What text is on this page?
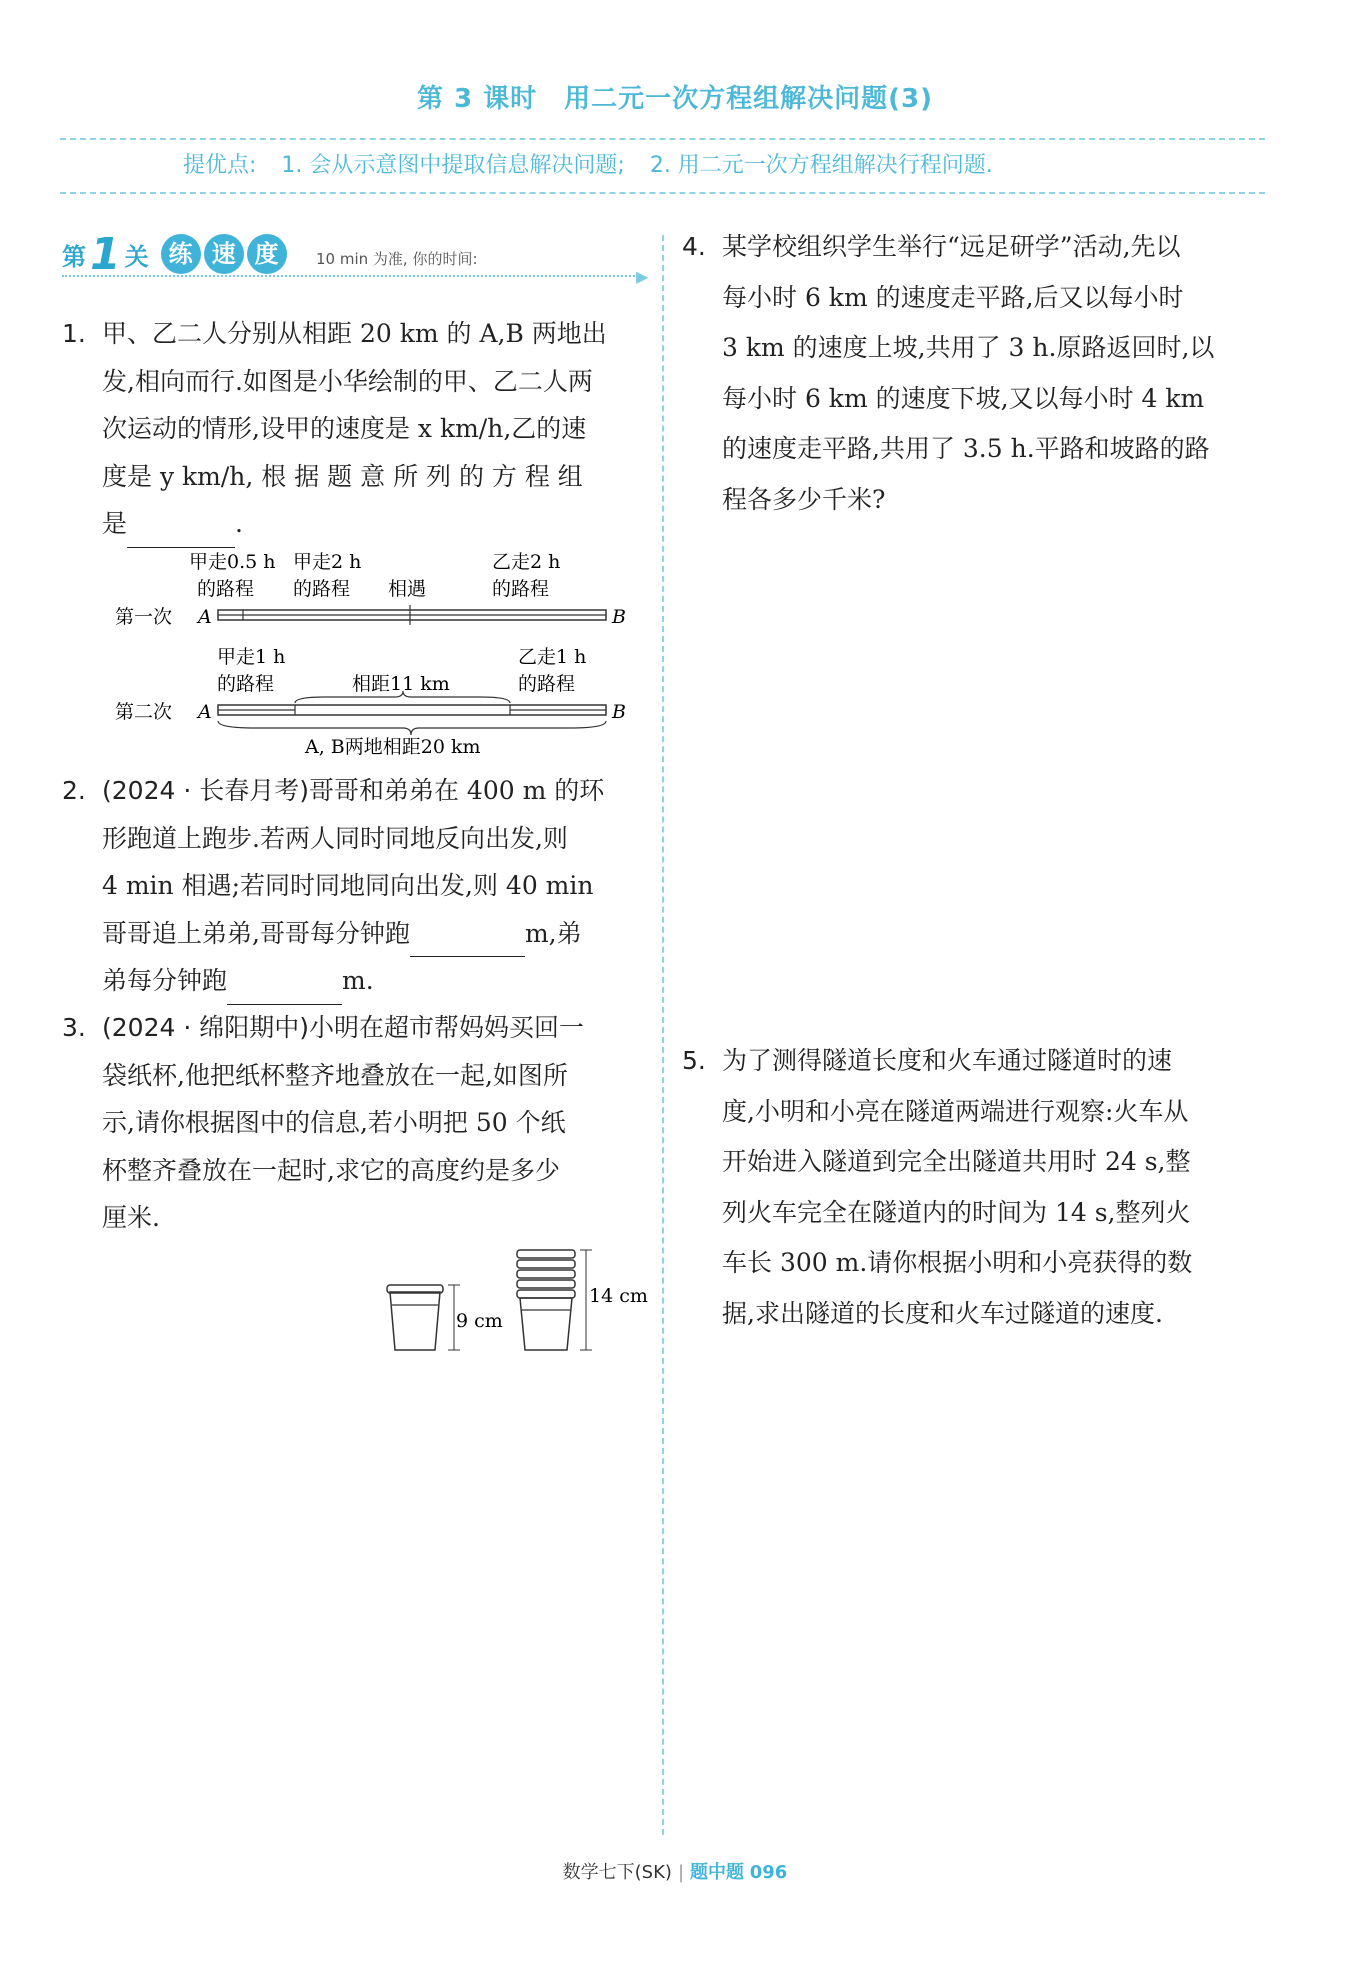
第 3 课时　用二元一次方程组解决问题(3)
提优点: 1. 会从示意图中提取信息解决问题; 2. 用二元一次方程组解决行程问题.
第 1 关 练 速 度	10 min 为准, 你的时间:
▶
1. 甲、乙二人分别从相距 20 km 的 A,B 两地出
发,相向而行.如图是小华绘制的甲、乙二人两
次运动的情形,设甲的速度是 x km/h,乙的速
度是 y km/h, 根 据 题 意 所 列 的 方 程 组
是	.
甲走0.5 h
的路程
甲走2 h
的路程 相遇
乙走2 h
的路程
第一次 A	B
甲走1 h
的路程	相距11 km
乙走1 h
的路程
第二次 A	B
A, B两地相距20 km
2. (2024 · 长春月考)哥哥和弟弟在 400 m 的环
形跑道上跑步.若两人同时同地反向出发,则
4 min 相遇;若同时同地同向出发,则 40 min
哥哥追上弟弟,哥哥每分钟跑	m,弟
弟每分钟跑	m.
3. (2024 · 绵阳期中)小明在超市帮妈妈买回一
袋纸杯,他把纸杯整齐地叠放在一起,如图所
示,请你根据图中的信息,若小明把 50 个纸
杯整齐叠放在一起时,求它的高度约是多少
厘米.
9 cm
14 cm
4. 某学校组织学生举行“远足研学”活动,先以
每小时 6 km 的速度走平路,后又以每小时
3 km 的速度上坡,共用了 3 h.原路返回时,以
每小时 6 km 的速度下坡,又以每小时 4 km
的速度走平路,共用了 3.5 h.平路和坡路的路
程各多少千米?
5. 为了测得隧道长度和火车通过隧道时的速
度,小明和小亮在隧道两端进行观察:火车从
开始进入隧道到完全出隧道共用时 24 s,整
列火车完全在隧道内的时间为 14 s,整列火
车长 300 m.请你根据小明和小亮获得的数
据,求出隧道的长度和火车过隧道的速度.
数学七下(SK) | 题中题 096
